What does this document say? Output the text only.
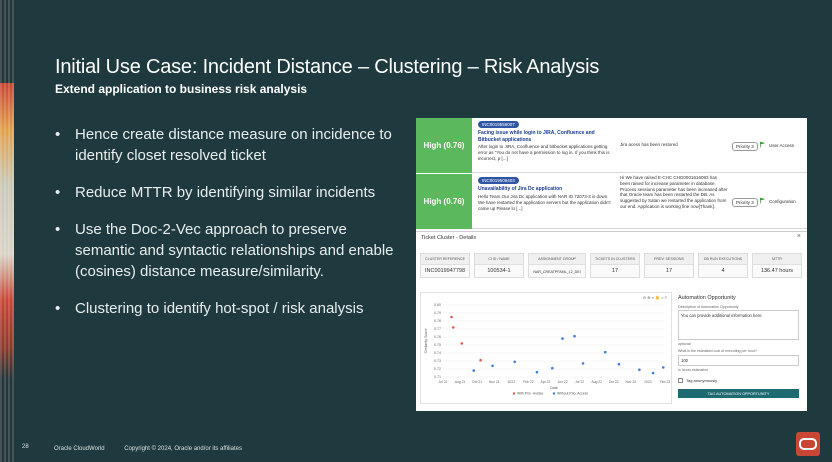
Initial Use Case: Incident Distance – Clustering – Risk Analysis
Extend application to business risk analysis
• Hence create distance measure on incidence to identify closet resolved ticket
• Reduce MTTR by identifying similar incidents
• Use the Doc-2-Vec approach to preserve semantic and syntactic relationships and enable (cosines) distance measure/similarity.
• Clustering to identify hot-spot / risk analysis
High (0.76)
INC0019556007
Facing issue while login to JIRA, Confluence and Bitbucket applications
After login to JIRA, Confluence and bitbucket applications getting error as "You do not have a permission to log in. If you think this is incorrect, p [...]
Jira acess has been restored	Priority 3	User Access
High (0.76)
INC0019509403
Unavailability of Jira Dc application
Hello Team,Our Jira Dc application with NAR ID 72073-3 is down. We have restarted the application servers but the application didn't came up Please lo [...]
Hi We have raised E-CHC CHG0001616083 has been raised for increase parameter in database. Process sessions parameter has been increased after that Oracle team has been restarted the DB. As suggested by Satan we restarted the application from our end. Application is working fine now[Thank].
Priority 3	Configuration
Ticket Cluster - Details	×
CLUSTER REFERENCE
INC0019947798
CI ID / NAME
100534-1
ASSIGNMENT GROUP
NAR_CREATPFAML_L2_DEI
TICKETS IN CLUSTERS
17
PREV. SESSIONS
17
DB RUN EXECUTIONS
4
MTTR
136.47 hours
⊖ ⊕ ⌕ ✋ ⌂ ≡
0.80
0.79
0.78
0.77
0.76
0.75
0.74
0.73
0.72
0.71
Jul 21 Aug 21 Oct 21 Nov 21 2022 Feb 22 Apr 22 Jun 22 Jul 22 Aug 22 Oct 22 Nov 22 2023 Feb 23
Date
Similarity Score
With Prio. Hostee	Without Prio. Access
Automation Opportunity
Description of Automation Opportunity
You can provide additional information here.
optional
What is the estimated cost of executing per hour?
100
in hours estimation
Tag anonymously
TAG AUTOMATION OPPORTUNITY
28	Oracle CloudWorld	Copyright © 2024, Oracle and/or its affiliates
